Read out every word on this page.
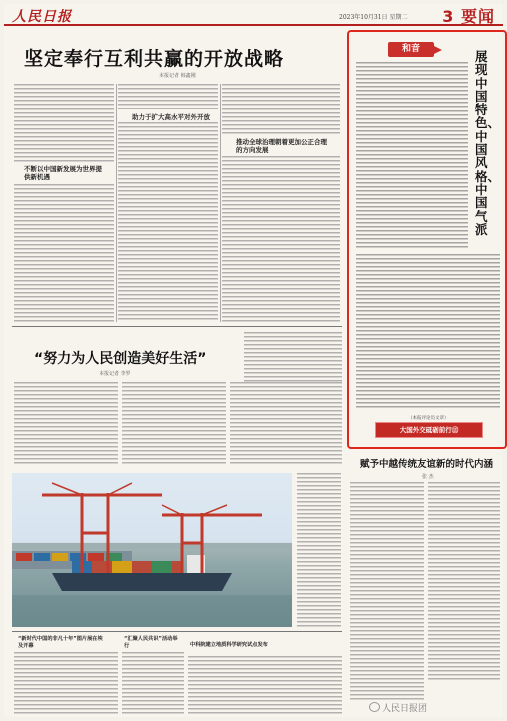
人民日报	2023年10月31日 星期二 3 要闻
坚定奉行互利共赢的开放战略
本报记者 韩鑫刚
不断以中国新发展为世界提供新机遇
助力于扩大高水平对外开放
推动全球治理朝着更加公正合理的方向发展
“努力为人民创造美好生活”
本报记者 李罗
和音	展现中国特色、中国风格、中国气派
（本报评论员文章）
大国外交砥砺前行⑪
赋予中越传统友谊新的时代内涵
张 杰
“新时代中国的非凡十年”图片展在埃及开幕
“汇聚人民共识”活动举行	中科院建立地质科学研究试点发布
人民日报团
